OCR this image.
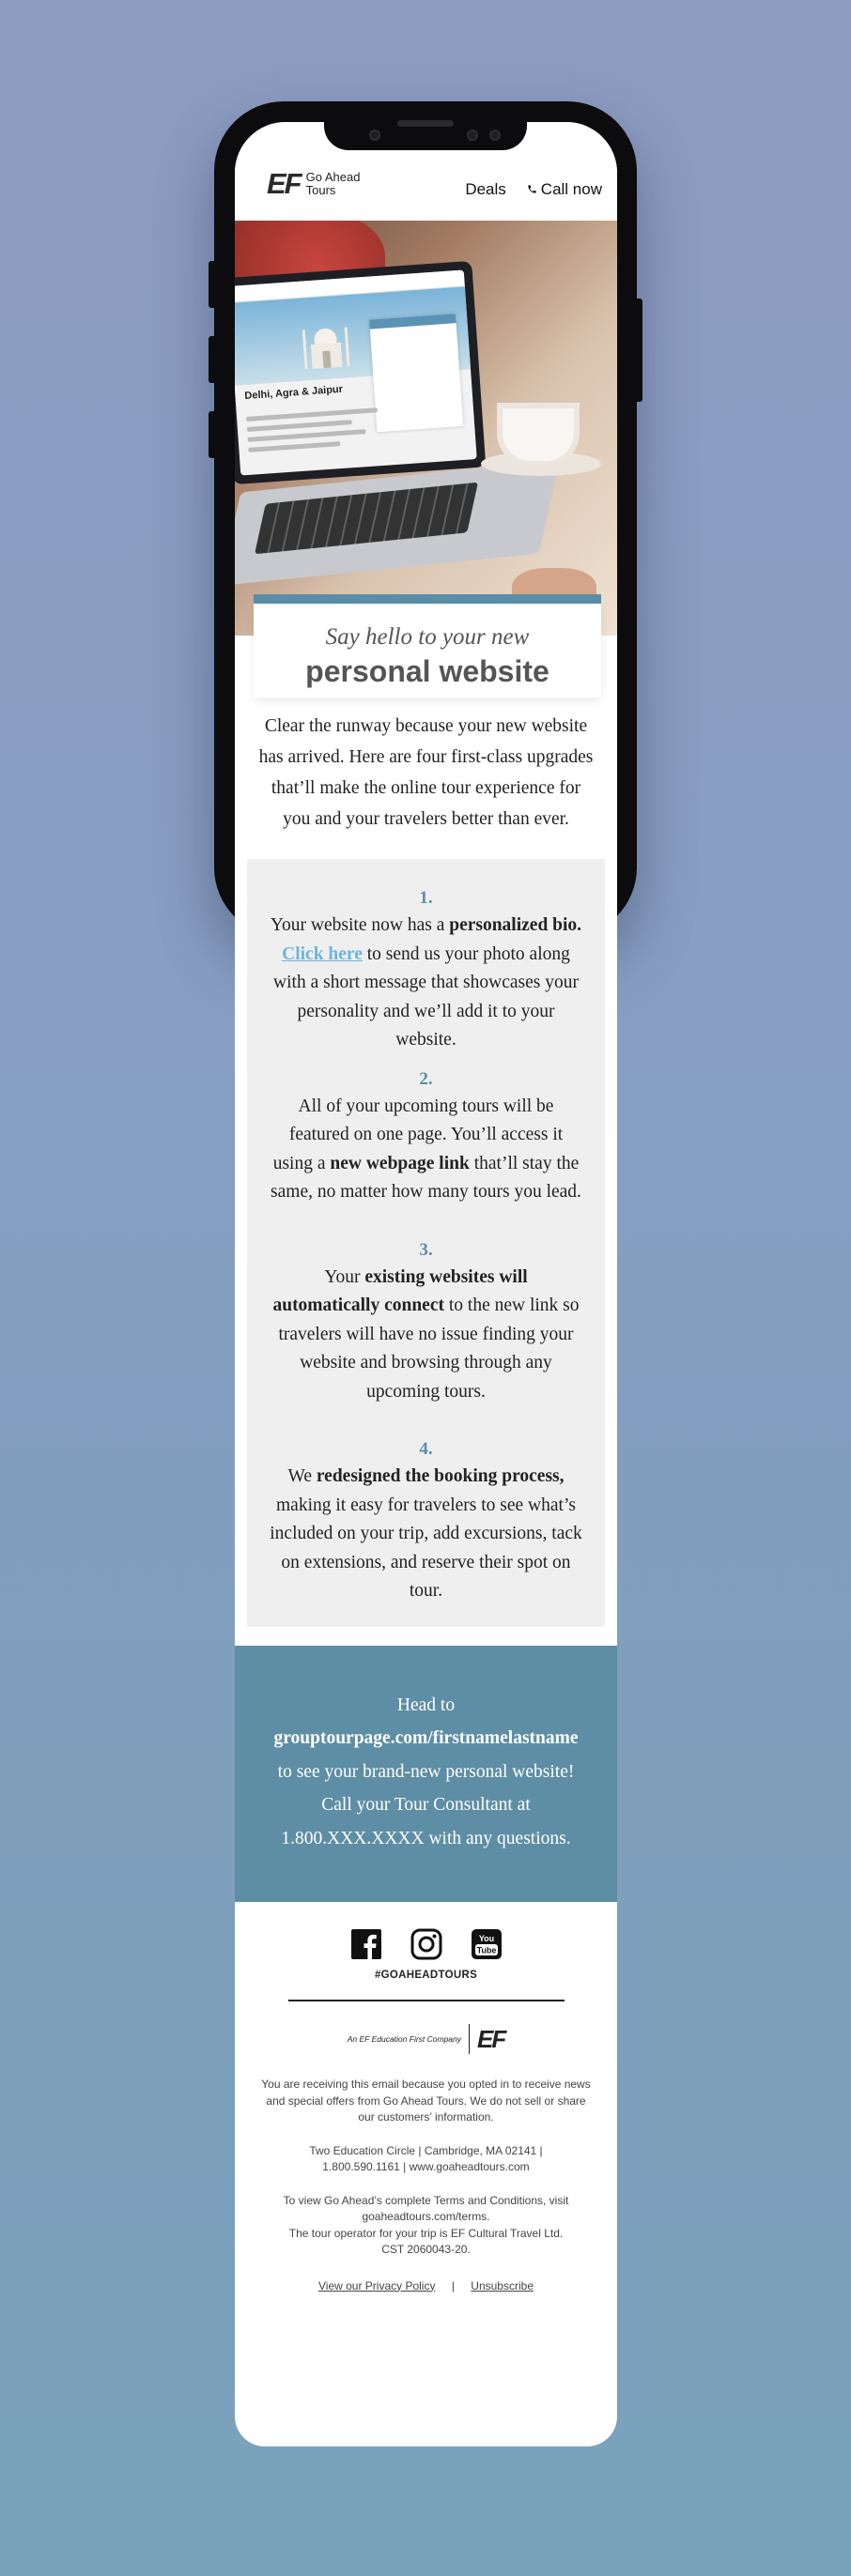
EF Go Ahead
Tours	Deals	Call now
Delhi, Agra & Jaipur
Say hello to your new
personal website
Clear the runway because your new website has arrived. Here are four first-class upgrades that’ll make the online tour experience for you and your travelers better than ever.
1.
Your website now has a personalized bio. Click here to send us your photo along with a short message that showcases your personality and we’ll add it to your website.
2.
All of your upcoming tours will be featured on one page. You’ll access it using a new webpage link that’ll stay the same, no matter how many tours you lead.
3.
Your existing websites will automatically connect to the new link so travelers will have no issue finding your website and browsing through any upcoming tours.
4.
We redesigned the booking process, making it easy for travelers to see what’s included on your trip, add excursions, tack on extensions, and reserve their spot on tour.
Head to
grouptourpage.com/firstnamelastname
to see your brand-new personal website!
Call your Tour Consultant at
1.800.XXX.XXXX with any questions.
You
Tube
#GOAHEADTOURS
An EF Education First Company EF

You are receiving this email because you opted in to receive news and special offers from Go Ahead Tours. We do not sell or share our customers’ information.

Two Education Circle | Cambridge, MA 02141 |
1.800.590.1161 | www.goaheadtours.com

To view Go Ahead’s complete Terms and Conditions, visit goaheadtours.com/terms.
The tour operator for your trip is EF Cultural Travel Ltd.
CST 2060043-20.

View our Privacy Policy | Unsubscribe
